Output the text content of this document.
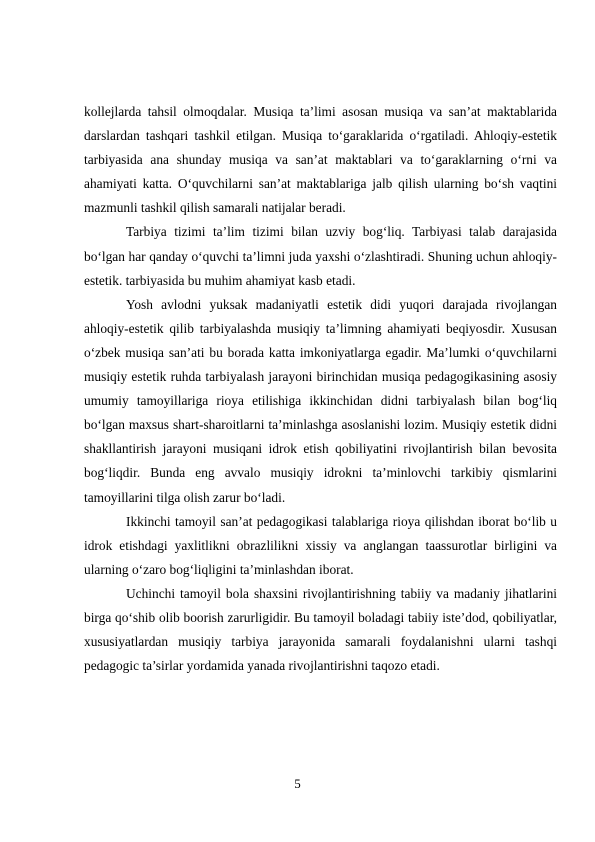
kollejlarda tahsil olmoqdalar. Musiqa ta’limi asosan musiqa va san’at maktablarida darslardan tashqari tashkil etilgan. Musiqa to‘garaklarida o‘rgatiladi. Ahloqiy-estetik tarbiyasida ana shunday musiqa va san’at maktablari va to‘garaklarning o‘rni va ahamiyati katta. O‘quvchilarni san’at maktablariga jalb qilish ularning bo‘sh vaqtini mazmunli tashkil qilish samarali natijalar beradi.

Tarbiya tizimi ta’lim tizimi bilan uzviy bog‘liq. Tarbiyasi talab darajasida bo‘lgan har qanday o‘quvchi ta’limni juda yaxshi o‘zlashtiradi. Shuning uchun ahloqiy-estetik. tarbiyasida bu muhim ahamiyat kasb etadi.

Yosh avlodni yuksak madaniyatli estetik didi yuqori darajada rivojlangan ahloqiy-estetik qilib tarbiyalashda musiqiy ta’limning ahamiyati beqiyosdir. Xususan o‘zbek musiqa san’ati bu borada katta imkoniyatlarga egadir. Ma’lumki o‘quvchilarni musiqiy estetik ruhda tarbiyalash jarayoni birinchidan musiqa pedagogikasining asosiy umumiy tamoyillariga rioya etilishiga ikkinchidan didni tarbiyalash bilan bog‘liq bo‘lgan maxsus shart-sharoitlarni ta’minlashga asoslanishi lozim. Musiqiy estetik didni shakllantirish jarayoni musiqani idrok etish qobiliyatini rivojlantirish bilan bevosita bog‘liqdir. Bunda eng avvalo musiqiy idrokni ta’minlovchi tarkibiy qismlarini tamoyillarini tilga olish zarur bo‘ladi.

Ikkinchi tamoyil san’at pedagogikasi talablariga rioya qilishdan iborat bo‘lib u idrok etishdagi yaxlitlikni obrazlilikni xissiy va anglangan taassurotlar birligini va ularning o‘zaro bog‘liqligini ta’minlashdan iborat.

Uchinchi tamoyil bola shaxsini rivojlantirishning tabiiy va madaniy jihatlarini birga qo‘shib olib boorish zarurligidir. Bu tamoyil boladagi tabiiy iste’dod, qobiliyatlar, xususiyatlardan musiqiy tarbiya jarayonida samarali foydalanishni ularni tashqi pedagogic ta’sirlar yordamida yanada rivojlantirishni taqozo etadi.

5
